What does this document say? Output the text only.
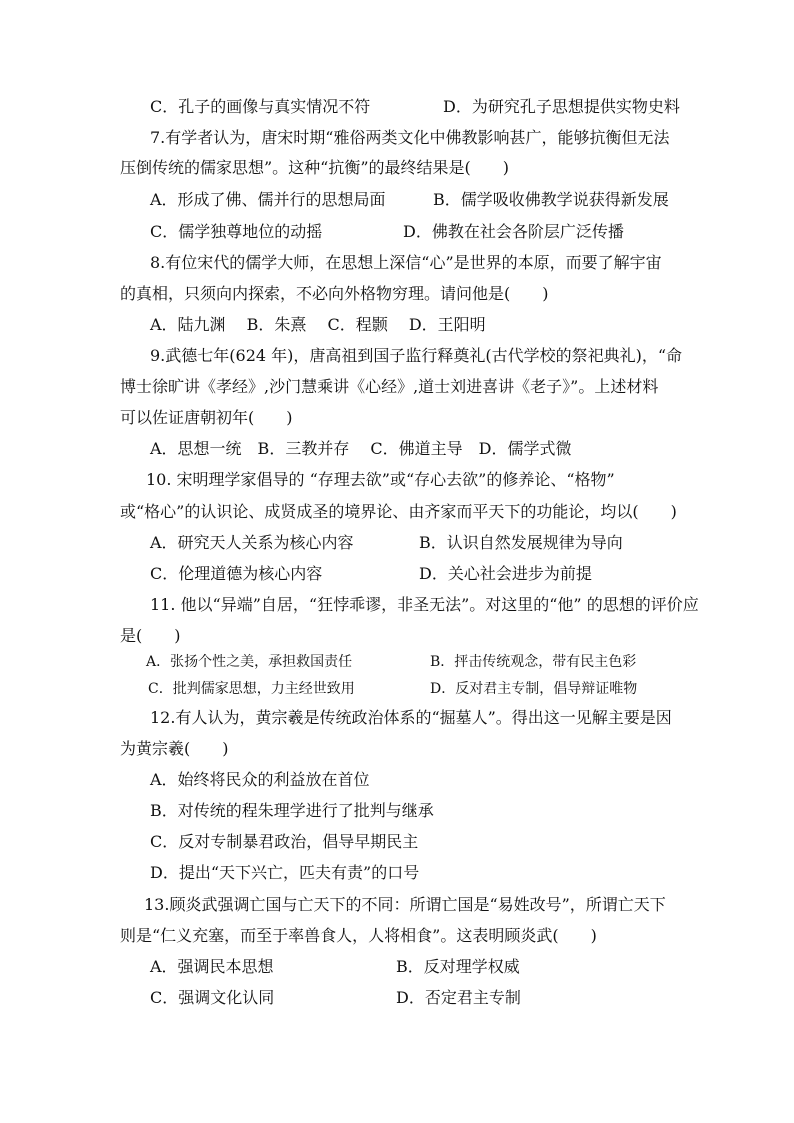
C．孔子的画像与真实情况不符	D．为研究孔子思想提供实物史料
7.有学者认为，唐宋时期“雅俗两类文化中佛教影响甚广，能够抗衡但无法
压倒传统的儒家思想”。这种“抗衡”的最终结果是(　　)
A．形成了佛、儒并行的思想局面	B．儒学吸收佛教学说获得新发展
C．儒学独尊地位的动摇	D．佛教在社会各阶层广泛传播
8.有位宋代的儒学大师，在思想上深信“心”是世界的本原，而要了解宇宙
的真相，只须向内探索，不必向外格物穷理。请问他是(　　)
A．陆九渊　 B．朱熹　 C．程颢　 D．王阳明
9.武德七年(624 年)，唐高祖到国子监行释奠礼(古代学校的祭祀典礼)，“命
博士徐旷讲《孝经》,沙门慧乘讲《心经》,道士刘进喜讲《老子》”。上述材料
可以佐证唐朝初年(　　)
A．思想一统　B．三教并存　 C．佛道主导　D．儒学式微
10. 宋明理学家倡导的 “存理去欲”或“存心去欲”的修养论、“格物”
或“格心”的认识论、成贤成圣的境界论、由齐家而平天下的功能论，均以(　　)
A．研究天人关系为核心内容	B．认识自然发展规律为导向
C．伦理道德为核心内容	D．关心社会进步为前提
11. 他以“异端”自居，“狂悖乖谬，非圣无法”。对这里的“他” 的思想的评价应
是(　　)
A．张扬个性之美，承担救国责任	B．抨击传统观念，带有民主色彩
C．批判儒家思想，力主经世致用	D．反对君主专制，倡导辩证唯物
12.有人认为，黄宗羲是传统政治体系的“掘墓人”。得出这一见解主要是因
为黄宗羲(　　)
A．始终将民众的利益放在首位
B．对传统的程朱理学进行了批判与继承
C．反对专制暴君政治，倡导早期民主
D．提出“天下兴亡，匹夫有责”的口号
13.顾炎武强调亡国与亡天下的不同：所谓亡国是“易姓改号”，所谓亡天下
则是“仁义充塞，而至于率兽食人，人将相食”。这表明顾炎武(　　)
A．强调民本思想	B．反对理学权威
C．强调文化认同	D．否定君主专制
